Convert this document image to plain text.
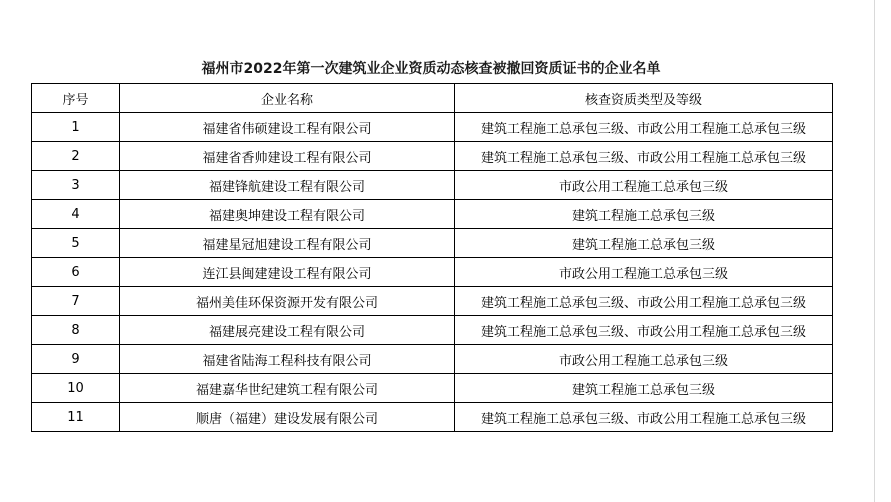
福州市2022年第一次建筑业企业资质动态核查被撤回资质证书的企业名单
序号	企业名称	核查资质类型及等级
1	福建省伟硕建设工程有限公司	建筑工程施工总承包三级、市政公用工程施工总承包三级
2	福建省香帅建设工程有限公司	建筑工程施工总承包三级、市政公用工程施工总承包三级
3	福建锋航建设工程有限公司	市政公用工程施工总承包三级
4	福建奥坤建设工程有限公司	建筑工程施工总承包三级
5	福建星冠旭建设工程有限公司	建筑工程施工总承包三级
6	连江县闽建建设工程有限公司	市政公用工程施工总承包三级
7	福州美佳环保资源开发有限公司	建筑工程施工总承包三级、市政公用工程施工总承包三级
8	福建展亮建设工程有限公司	建筑工程施工总承包三级、市政公用工程施工总承包三级
9	福建省陆海工程科技有限公司	市政公用工程施工总承包三级
10	福建嘉华世纪建筑工程有限公司	建筑工程施工总承包三级
11	顺唐（福建）建设发展有限公司	建筑工程施工总承包三级、市政公用工程施工总承包三级
